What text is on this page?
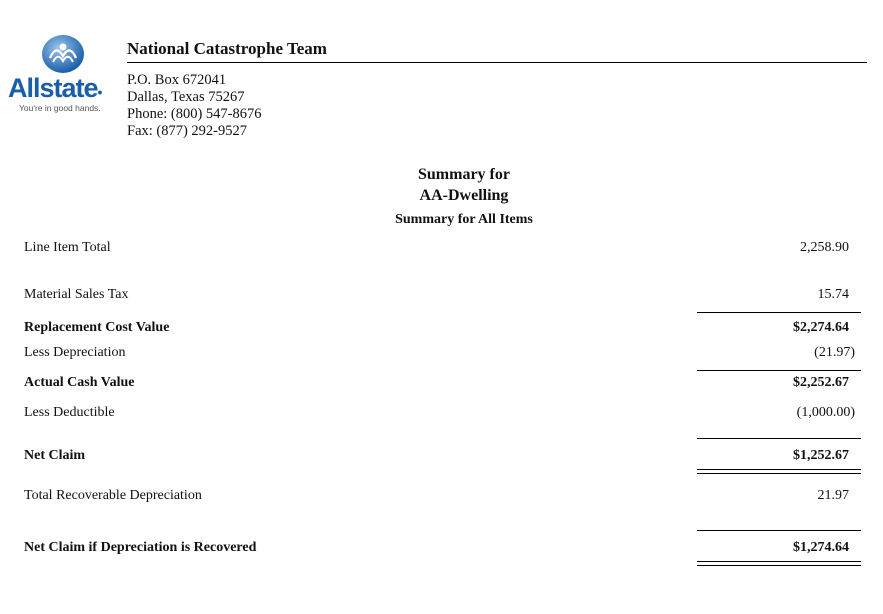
Allstate•
You're in good hands.
National Catastrophe Team
P.O. Box 672041
Dallas, Texas 75267
Phone: (800) 547-8676
Fax: (877) 292-9527
Summary for
AA-Dwelling
Summary for All Items
Line Item Total	2,258.90
Material Sales Tax	15.74
Replacement Cost Value	$2,274.64
Less Depreciation	(21.97)
Actual Cash Value	$2,252.67
Less Deductible	(1,000.00)
Net Claim	$1,252.67
Total Recoverable Depreciation	21.97
Net Claim if Depreciation is Recovered	$1,274.64
